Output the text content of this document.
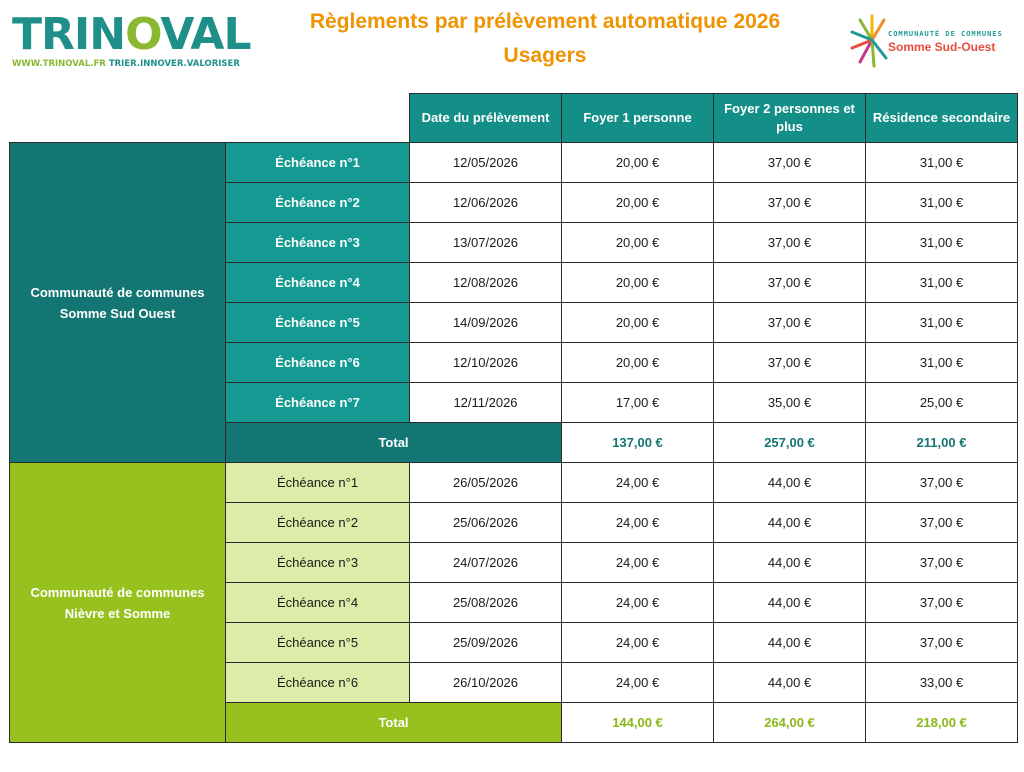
TRINOVAL
WWW.TRINOVAL.FR TRIER.INNOVER.VALORISER
Règlements par prélèvement automatique 2026
Usagers
COMMUNAUTÉ DE COMMUNES
Somme Sud-Ouest
		Date du prélèvement	Foyer 1 personne	Foyer 2 personnes et plus	Résidence secondaire
Communauté de communes Somme Sud Ouest	Échéance n°1	12/05/2026	20,00 €	37,00 €	31,00 €
	Échéance n°2	12/06/2026	20,00 €	37,00 €	31,00 €
	Échéance n°3	13/07/2026	20,00 €	37,00 €	31,00 €
	Échéance n°4	12/08/2026	20,00 €	37,00 €	31,00 €
	Échéance n°5	14/09/2026	20,00 €	37,00 €	31,00 €
	Échéance n°6	12/10/2026	20,00 €	37,00 €	31,00 €
	Échéance n°7	12/11/2026	17,00 €	35,00 €	25,00 €
	Total		137,00 €	257,00 €	211,00 €
Communauté de communes Nièvre et Somme	Échéance n°1	26/05/2026	24,00 €	44,00 €	37,00 €
	Échéance n°2	25/06/2026	24,00 €	44,00 €	37,00 €
	Échéance n°3	24/07/2026	24,00 €	44,00 €	37,00 €
	Échéance n°4	25/08/2026	24,00 €	44,00 €	37,00 €
	Échéance n°5	25/09/2026	24,00 €	44,00 €	37,00 €
	Échéance n°6	26/10/2026	24,00 €	44,00 €	33,00 €
	Total		144,00 €	264,00 €	218,00 €
